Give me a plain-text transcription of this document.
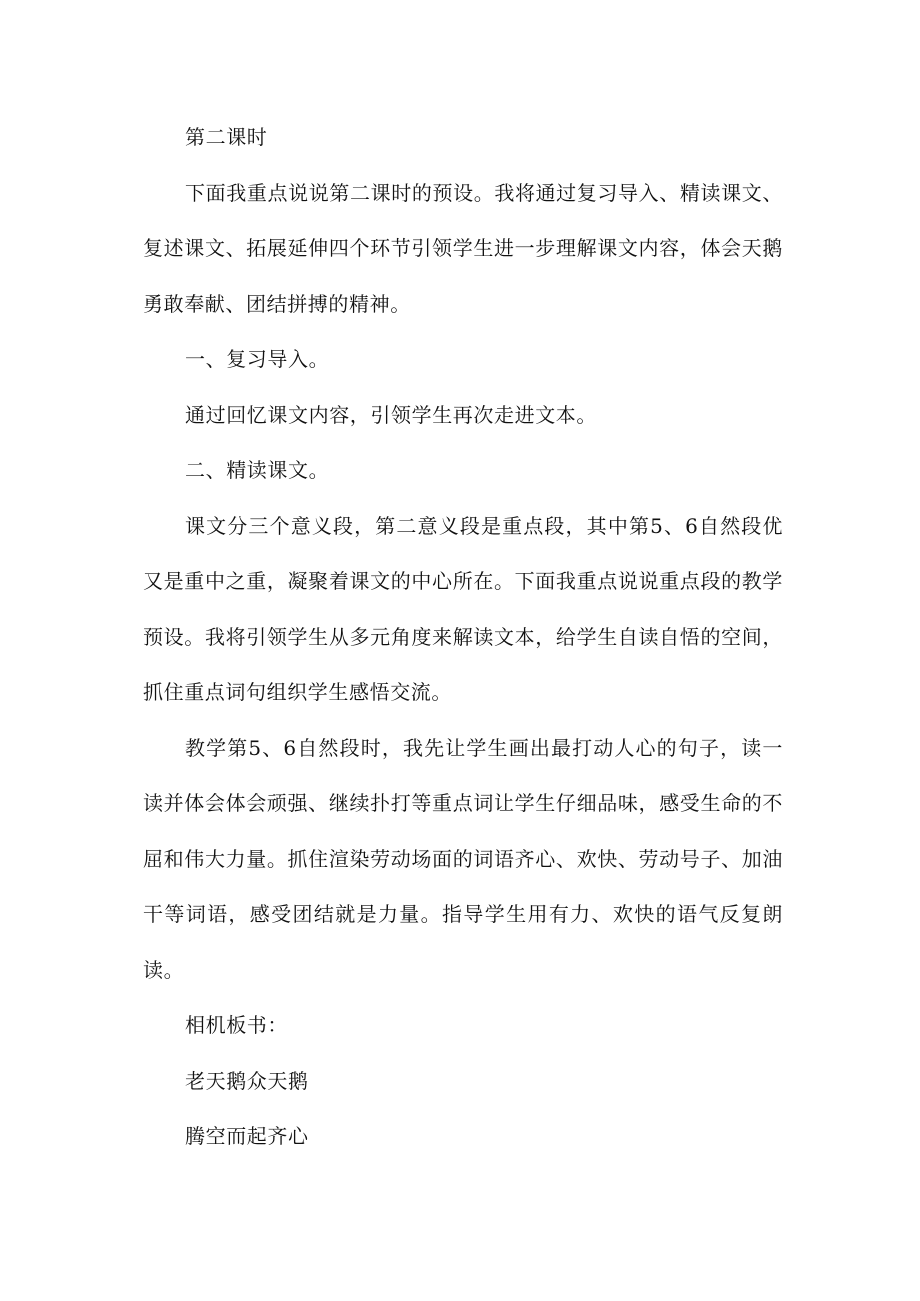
第二课时

下面我重点说说第二课时的预设。我将通过复习导入、精读课文、复述课文、拓展延伸四个环节引领学生进一步理解课文内容，体会天鹅勇敢奉献、团结拼搏的精神。

一、复习导入。

通过回忆课文内容，引领学生再次走进文本。

二、精读课文。

课文分三个意义段，第二意义段是重点段，其中第5、6自然段优又是重中之重，凝聚着课文的中心所在。下面我重点说说重点段的教学预设。我将引领学生从多元角度来解读文本，给学生自读自悟的空间，抓住重点词句组织学生感悟交流。

教学第5、6自然段时，我先让学生画出最打动人心的句子，读一读并体会体会顽强、继续扑打等重点词让学生仔细品味，感受生命的不屈和伟大力量。抓住渲染劳动场面的词语齐心、欢快、劳动号子、加油干等词语，感受团结就是力量。指导学生用有力、欢快的语气反复朗读。

相机板书：

老天鹅众天鹅

腾空而起齐心
